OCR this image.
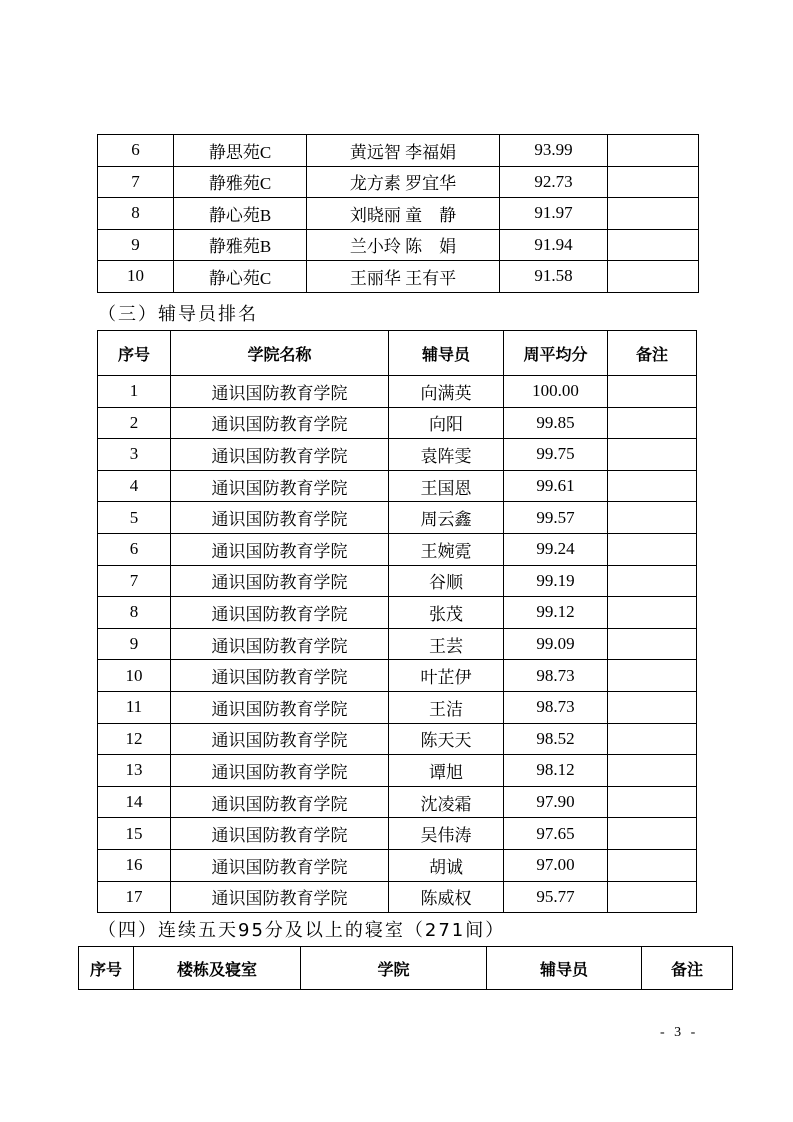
6	静思苑C	黄远智 李福娟	93.99	
7	静雅苑C	龙方素 罗宜华	92.73	
8	静心苑B	刘晓丽 童　静	91.97	
9	静雅苑B	兰小玲 陈　娟	91.94	
10	静心苑C	王丽华 王有平	91.58	
（三）辅导员排名
序号	学院名称	辅导员	周平均分	备注
1	通识国防教育学院	向满英	100.00	
2	通识国防教育学院	向阳	99.85	
3	通识国防教育学院	袁阵雯	99.75	
4	通识国防教育学院	王国恩	99.61	
5	通识国防教育学院	周云鑫	99.57	
6	通识国防教育学院	王婉霓	99.24	
7	通识国防教育学院	谷顺	99.19	
8	通识国防教育学院	张茂	99.12	
9	通识国防教育学院	王芸	99.09	
10	通识国防教育学院	叶芷伊	98.73	
11	通识国防教育学院	王洁	98.73	
12	通识国防教育学院	陈天天	98.52	
13	通识国防教育学院	谭旭	98.12	
14	通识国防教育学院	沈凌霜	97.90	
15	通识国防教育学院	吴伟涛	97.65	
16	通识国防教育学院	胡诚	97.00	
17	通识国防教育学院	陈威权	95.77	
（四）连续五天95分及以上的寝室（271间）
序号	楼栋及寝室	学院	辅导员	备注
- 3 -
